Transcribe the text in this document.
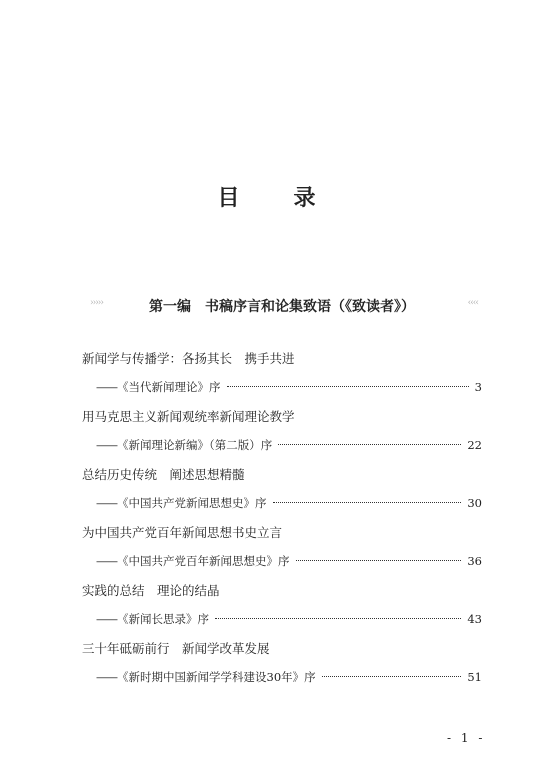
目　录
›››››	第一编　书稿序言和论集致语（《致读者》）	‹‹‹‹
新闻学与传播学：各扬其长　携手共进
—— 《当代新闻理论》序	3
用马克思主义新闻观统率新闻理论教学
—— 《新闻理论新编》（第二版）序	22
总结历史传统　阐述思想精髓
—— 《中国共产党新闻思想史》序	30
为中国共产党百年新闻思想书史立言
—— 《中国共产党百年新闻思想史》序	36
实践的总结　理论的结晶
—— 《新闻长思录》序	43
三十年砥砺前行　新闻学改革发展
—— 《新时期中国新闻学学科建设30年》序	51
- 1 -
